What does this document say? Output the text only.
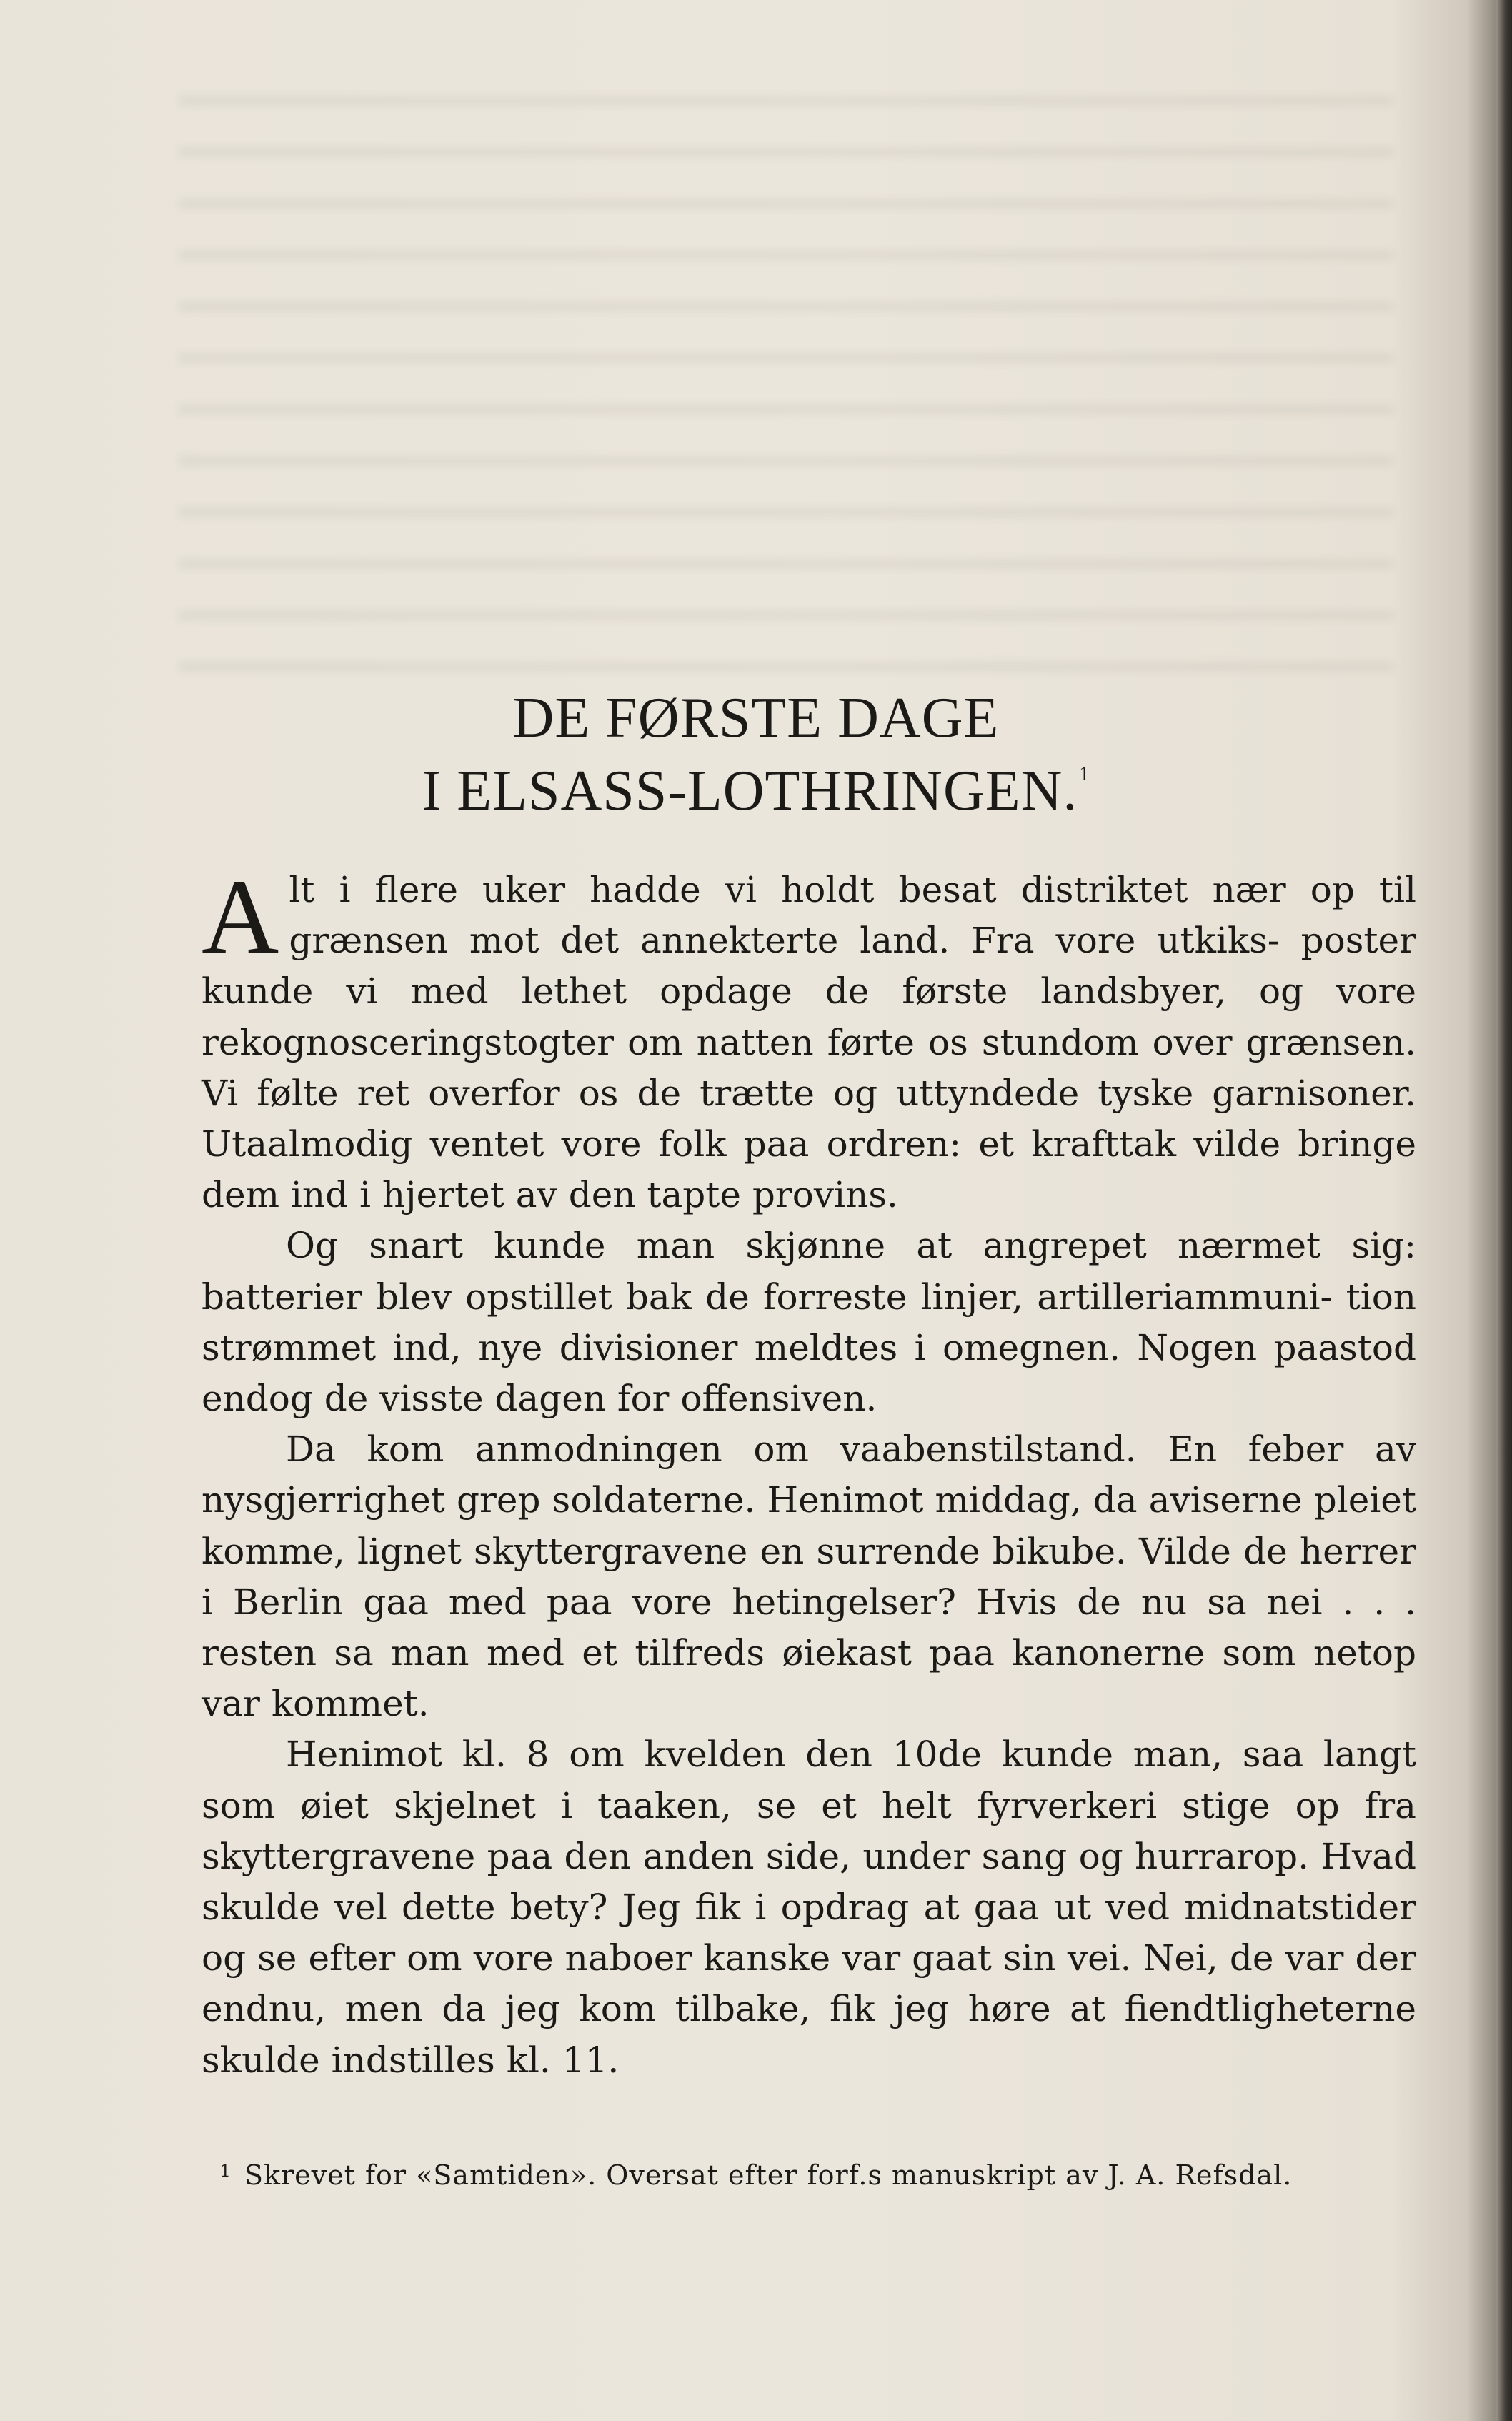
DE FØRSTE DAGE
I ELSASS-LOTHRINGEN.$^1$

Alt i flere uker hadde vi holdt besat distriktet nær op til grænsen mot det annekterte land. Fra vore utkiks- poster kunde vi med lethet opdage de første landsbyer, og vore rekognosceringstogter om natten førte os stundom over grænsen. Vi følte ret overfor os de trætte og uttyndede tyske garnisoner. Utaalmodig ventet vore folk paa ordren: et krafttak vilde bringe dem ind i hjertet av den tapte provins.

Og snart kunde man skjønne at angrepet nærmet sig: batterier blev opstillet bak de forreste linjer, artilleriammuni- tion strømmet ind, nye divisioner meldtes i omegnen. Nogen paastod endog de visste dagen for offensiven.

Da kom anmodningen om vaabenstilstand. En feber av nysgjerrighet grep soldaterne. Henimot middag, da aviserne pleiet komme, lignet skyttergravene en surrende bikube. Vilde de herrer i Berlin gaa med paa vore hetingelser? Hvis de nu sa nei . . . resten sa man med et tilfreds øiekast paa kanonerne som netop var kommet.

Henimot kl. 8 om kvelden den 10de kunde man, saa langt som øiet skjelnet i taaken, se et helt fyrverkeri stige op fra skyttergravene paa den anden side, under sang og hurrarop. Hvad skulde vel dette bety? Jeg fik i opdrag at gaa ut ved midnatstider og se efter om vore naboer kanske var gaat sin vei. Nei, de var der endnu, men da jeg kom tilbake, fik jeg høre at fiendtligheterne skulde indstilles kl. 11.

$^1$ Skrevet for «Samtiden». Oversat efter forf.s manuskript av J. A. Refsdal.
